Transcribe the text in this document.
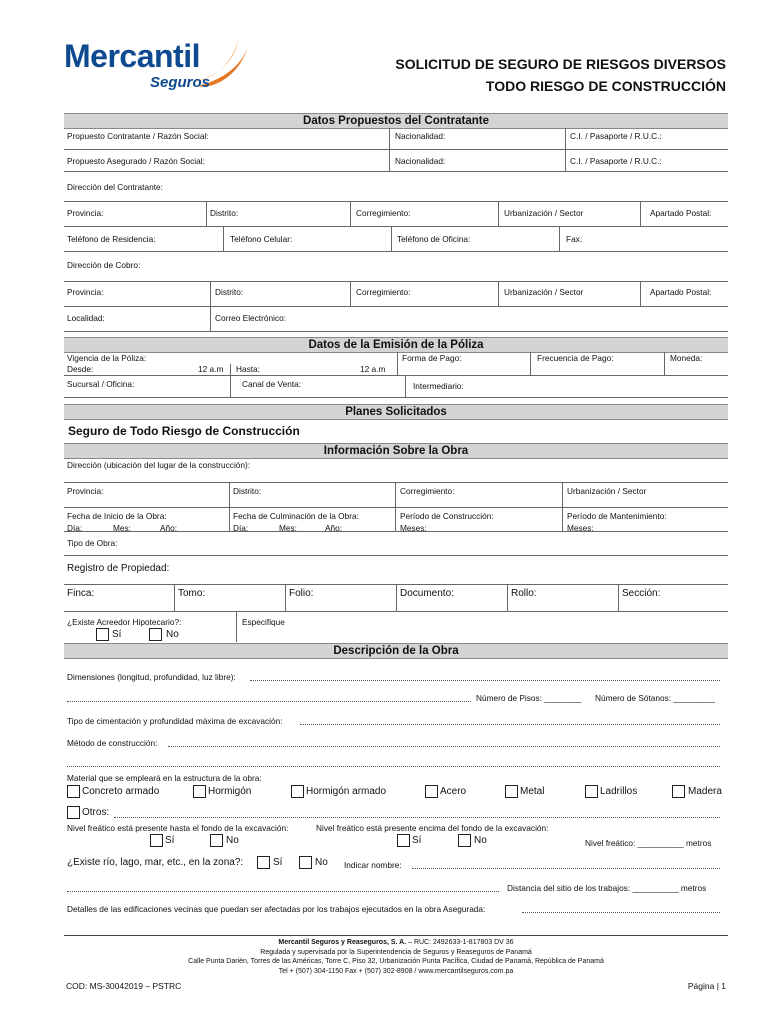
Mercantil
Seguros
SOLICITUD DE SEGURO DE RIESGOS DIVERSOS
TODO RIESGO DE CONSTRUCCIÓN
Datos Propuestos del Contratante
Propuesto Contratante / Razón Social:	Nacionalidad:	C.I. / Pasaporte / R.U.C.:
Propuesto Asegurado / Razón Social:	Nacionalidad:	C.I. / Pasaporte / R.U.C.:
Dirección del Contratante:
Provincia:	Distrito:	Corregimiento:	Urbanización / Sector	Apartado Postal:
Teléfono de Residencia:	Teléfono Celular:	Teléfono de Oficina:	Fax:
Dirección de Cobro:
Provincia:	Distrito:	Corregimiento:	Urbanización / Sector	Apartado Postal:
Localidad:	Correo Electrónico:
Datos de la Emisión de la Póliza
Vigencia de la Póliza:
Desde:	12 a.m Hasta:	12 a.m
Forma de Pago:	Frecuencia de Pago:	Moneda:
Sucursal / Oficina:	Canal de Venta:	Intermediario:
Planes Solicitados
Seguro de Todo Riesgo de Construcción
Información Sobre la Obra
Dirección (ubicación del lugar de la construcción):
Provincia:	Distrito:	Corregimiento:	Urbanización / Sector
Fecha de Inicio de la Obra:
Día:	Mes:	Año:
Fecha de Culminación de la Obra:
Día:	Mes:	Año:
Período de Construcción:
Meses:
Período de Mantenimiento:
Meses:
Tipo de Obra:
Registro de Propiedad:
Finca:	Tomo:	Folio:	Documento:	Rollo:	Sección:
¿Existe Acreedor Hipotecario?:	Especifique
Sí	No
Descripción de la Obra
Dimensiones (longitud, profundidad, luz libre):
Número de Pisos: ________ Número de Sótanos: _________
Tipo de cimentación y profundidad máxima de excavación:
Método de construcción:
Material que se empleará en la estructura de la obra:
Concreto armado	Hormigón	Hormigón armado	Acero	Metal	Ladrillos	Madera
Otros:
Nivel freático está presente hasta el fondo de la excavación:	Nivel freático está presente encima del fondo de la excavación:
Sí	No	Sí	No	Nivel freático: __________ metros
¿Existe río, lago, mar, etc., en la zona?:	Sí	No Indicar nombre:
Distancia del sitio de los trabajos: __________ metros
Detalles de las edificaciones vecinas que puedan ser afectadas por los trabajos ejecutados en la obra Asegurada:
Mercantil Seguros y Reaseguros, S. A. – RUC: 2492633-1-817803 DV 36
Regulada y supervisada por la Superintendencia de Seguros y Reaseguros de Panamá
Calle Punta Darién, Torres de las Américas, Torre C, Piso 32, Urbanización Punta Pacífica, Ciudad de Panamá, República de Panamá
Tel + (507) 304-1150 Fax + (507) 302-8908 / www.mercantilseguros.com.pa
COD: MS-30042019 – PSTRC	Página | 1
